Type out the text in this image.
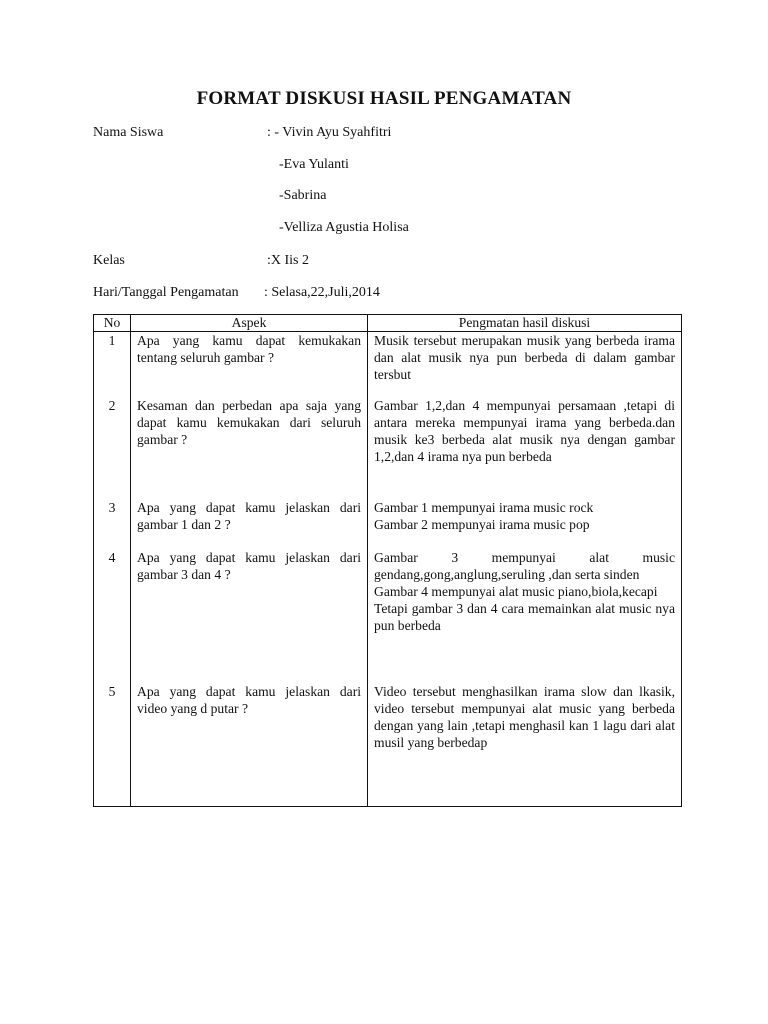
FORMAT DISKUSI HASIL PENGAMATAN
Nama Siswa	: - Vivin Ayu Syahfitri
-Eva Yulanti
-Sabrina
-Velliza Agustia Holisa
Kelas	:X Iis 2
Hari/Tanggal Pengamatan : Selasa,22,Juli,2014
No	Aspek	Pengmatan hasil diskusi
1	Apa yang kamu dapat kemukakan tentang seluruh gambar ?	Musik tersebut merupakan musik yang berbeda irama dan alat musik nya pun berbeda di dalam gambar tersbut

2	Kesaman dan perbedan apa saja yang dapat kamu kemukakan dari seluruh gambar ?	Gambar 1,2,dan 4 mempunyai persamaan ,tetapi di antara mereka mempunyai irama yang berbeda.dan musik ke3 berbeda alat musik nya dengan gambar 1,2,dan 4 irama nya pun berbeda

3	Apa yang dapat kamu jelaskan dari gambar 1 dan 2 ?	Gambar 1 mempunyai irama music rock
Gambar 2 mempunyai irama music pop

4	Apa yang dapat kamu jelaskan dari gambar 3 dan 4 ?	Gambar 3 mempunyai alat music gendang,gong,anglung,seruling ,dan serta sinden
Gambar 4 mempunyai alat music piano,biola,kecapi
Tetapi gambar 3 dan 4 cara memainkan alat music nya pun berbeda

5	Apa yang dapat kamu jelaskan dari video yang d putar ?	Video tersebut menghasilkan irama slow dan lkasik, video tersebut mempunyai alat music yang berbeda dengan yang lain ,tetapi menghasil kan 1 lagu dari alat musil yang berbedap
